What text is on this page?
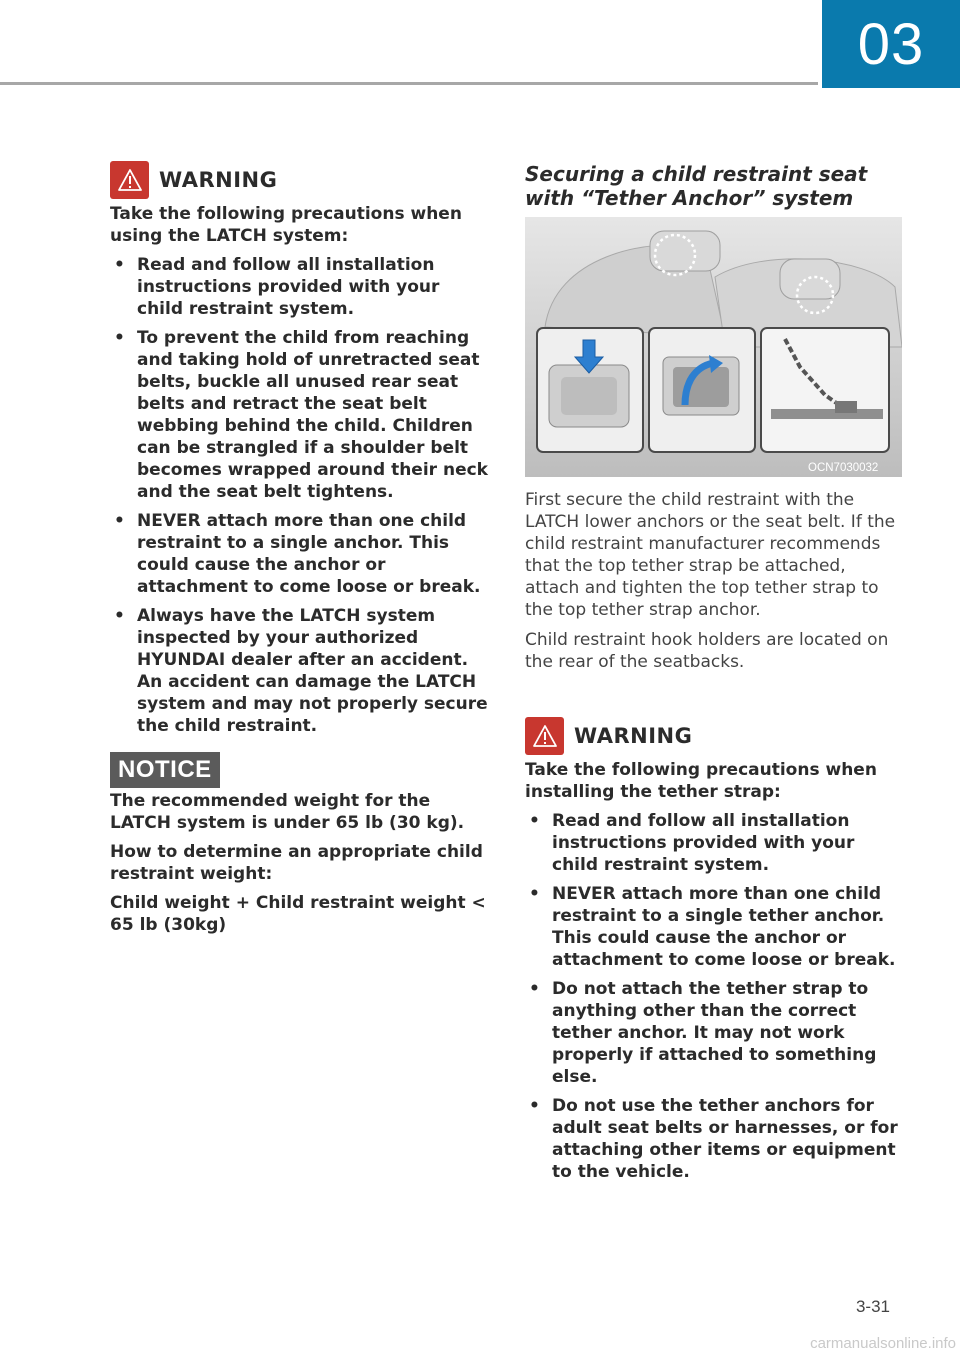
03
WARNING

Take the following precautions when using the LATCH system:

• Read and follow all installation instructions provided with your child restraint system.
• To prevent the child from reaching and taking hold of unretracted seat belts, buckle all unused rear seat belts and retract the seat belt webbing behind the child. Children can be strangled if a shoulder belt becomes wrapped around their neck and the seat belt tightens.
• NEVER attach more than one child restraint to a single anchor. This could cause the anchor or attachment to come loose or break.
• Always have the LATCH system inspected by your authorized HYUNDAI dealer after an accident. An accident can damage the LATCH system and may not properly secure the child restraint.
NOTICE

The recommended weight for the LATCH system is under 65 lb (30 kg).

How to determine an appropriate child restraint weight:

Child weight + Child restraint weight < 65 lb (30kg)

Securing a child restraint seat with “Tether Anchor” system
OCN7030032

First secure the child restraint with the LATCH lower anchors or the seat belt. If the child restraint manufacturer recommends that the top tether strap be attached, attach and tighten the top tether strap to the top tether strap anchor.

Child restraint hook holders are located on the rear of the seatbacks.

WARNING

Take the following precautions when installing the tether strap:

• Read and follow all installation instructions provided with your child restraint system.
• NEVER attach more than one child restraint to a single tether anchor. This could cause the anchor or attachment to come loose or break.
• Do not attach the tether strap to anything other than the correct tether anchor. It may not work properly if attached to something else.
• Do not use the tether anchors for adult seat belts or harnesses, or for attaching other items or equipment to the vehicle.
3-31
carmanualsonline.info
